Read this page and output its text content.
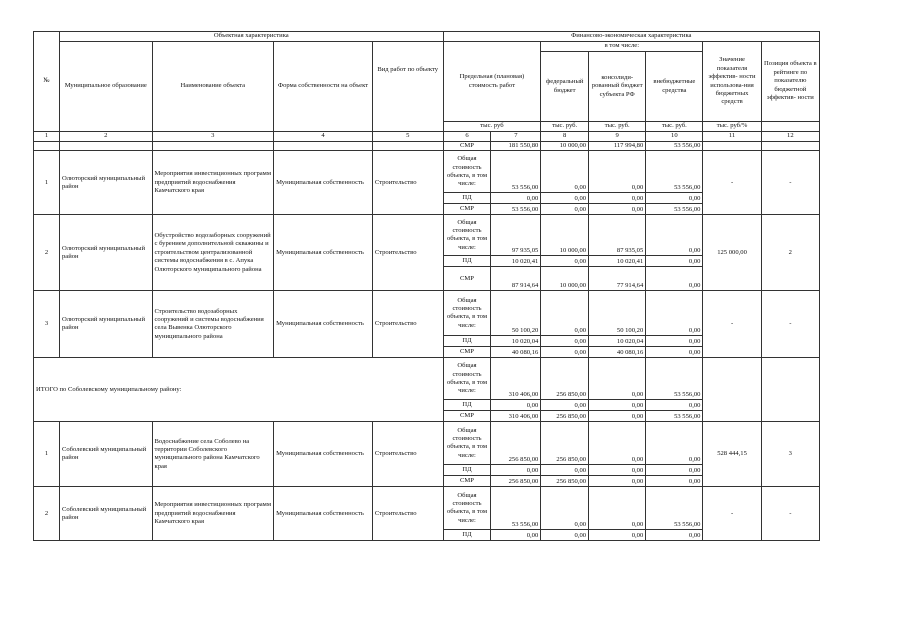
№	Объектная характеристика				Финансово-экономическая характеристика						
	Муниципальное образование	Наименование объекта	Форма собственности на объект	Вид работ по объекту	Предельная (плановая) стоимость работ		в том числе:			Значение показателя эффектив- ности использова-ния бюджетных средств	Позиция объекта в рейтинге по показателю бюджетной эффектив- ности
							федеральный бюджет	консолиди- рованный бюджет субъекта РФ	внебюджетные средства		
					тыс. руб		тыс. руб.	тыс. руб.	тыс. руб.	тыс. руб/%	
1	2	3	4	5	6	7	8	9	10	11	12
					СМР	181 550,80	10 000,00	117 994,80	53 556,00		
1	Олюторский муниципальный район	Мероприятия инвестиционных программ предприятий водоснабжения Камчатского края	Муниципальная собственность	Строительство	Общая стоимость объекта, в том числе:	53 556,00	0,00	0,00	53 556,00	-	-
					ПД	0,00	0,00	0,00	0,00		
					СМР	53 556,00	0,00	0,00	53 556,00		
2	Олюторский муниципальный район	Обустройство водозаборных сооружений с бурением дополнительной скважины и строительством централизованной системы водоснабжения в с. Апука Олюторского муниципального района	Муниципальная собственность	Строительство	Общая стоимость объекта, в том числе:	97 935,05	10 000,00	87 935,05	0,00	125 000,00	2
					ПД	10 020,41	0,00	10 020,41	0,00		
					СМР	87 914,64	10 000,00	77 914,64	0,00		
3	Олюторский муниципальный район	Строительство водозаборных сооружений и системы водоснабжения села Вывенка Олюторского муниципального района	Муниципальная собственность	Строительство	Общая стоимость объекта, в том числе:	50 100,20	0,00	50 100,20	0,00	-	-
					ПД	10 020,04	0,00	10 020,04	0,00		
					СМР	40 080,16	0,00	40 080,16	0,00		
ИТОГО по Соболевскому муниципальному району:					Общая стоимость объекта, в том числе:	310 406,00	256 850,00	0,00	53 556,00		
					ПД	0,00	0,00	0,00	0,00		
					СМР	310 406,00	256 850,00	0,00	53 556,00		
1	Соболевский муниципальный район	Водоснабжение села Соболево на территории Соболевского муниципального района Камчатского края	Муниципальная собственность	Строительство	Общая стоимость объекта, в том числе:	256 850,00	256 850,00	0,00	0,00	528 444,15	3
					ПД	0,00	0,00	0,00	0,00		
					СМР	256 850,00	256 850,00	0,00	0,00		
2	Соболевский муниципальный район	Мероприятия инвестиционных программ предприятий водоснабжения Камчатского края	Муниципальная собственность	Строительство	Общая стоимость объекта, в том числе:	53 556,00	0,00	0,00	53 556,00	-	-
					ПД	0,00	0,00	0,00	0,00		
